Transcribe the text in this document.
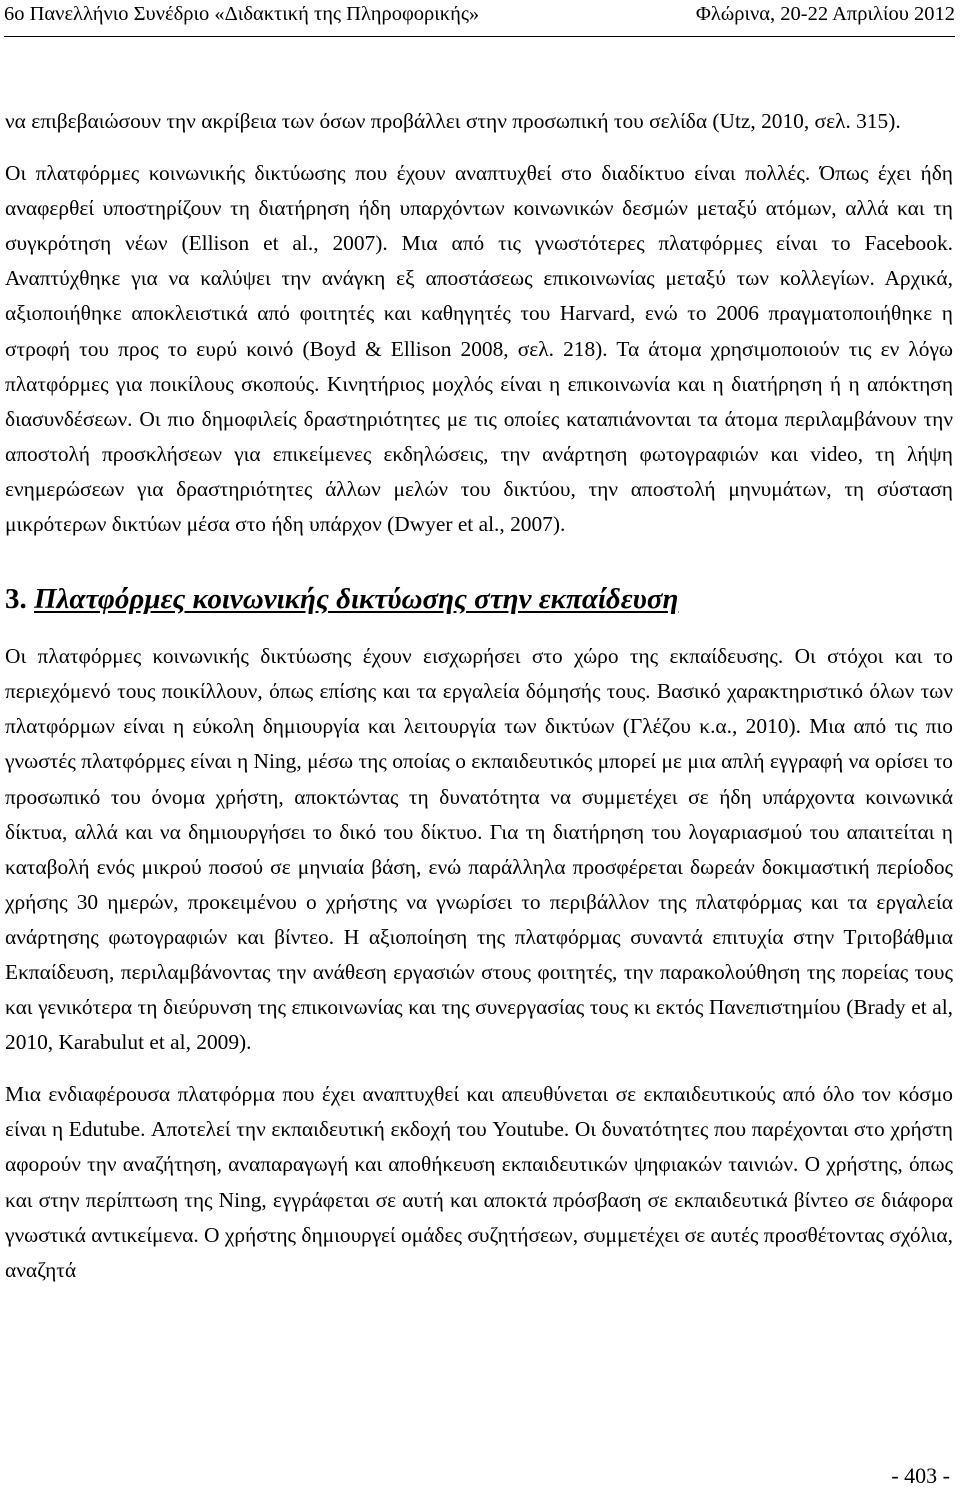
6ο Πανελλήνιο Συνέδριο «Διδακτική της Πληροφορικής»	Φλώρινα, 20-22 Απριλίου 2012

να επιβεβαιώσουν την ακρίβεια των όσων προβάλλει στην προσωπική του σελίδα (Utz, 2010, σελ. 315).

Οι πλατφόρμες κοινωνικής δικτύωσης που έχουν αναπτυχθεί στο διαδίκτυο είναι πολλές. Όπως έχει ήδη αναφερθεί υποστηρίζουν τη διατήρηση ήδη υπαρχόντων κοινωνικών δεσμών μεταξύ ατόμων, αλλά και τη συγκρότηση νέων (Ellison et al., 2007). Μια από τις γνωστότερες πλατφόρμες είναι το Facebook. Αναπτύχθηκε για να καλύψει την ανάγκη εξ αποστάσεως επικοινωνίας μεταξύ των κολλεγίων. Αρχικά, αξιοποιήθηκε αποκλειστικά από φοιτητές και καθηγητές του Harvard, ενώ το 2006 πραγματοποιήθηκε η στροφή του προς το ευρύ κοινό (Boyd & Ellison 2008, σελ. 218). Τα άτομα χρησιμοποιούν τις εν λόγω πλατφόρμες για ποικίλους σκοπούς. Κινητήριος μοχλός είναι η επικοινωνία και η διατήρηση ή η απόκτηση διασυνδέσεων. Οι πιο δημοφιλείς δραστηριότητες με τις οποίες καταπιάνονται τα άτομα περιλαμβάνουν την αποστολή προσκλήσεων για επικείμενες εκδηλώσεις, την ανάρτηση φωτογραφιών και video, τη λήψη ενημερώσεων για δραστηριότητες άλλων μελών του δικτύου, την αποστολή μηνυμάτων, τη σύσταση μικρότερων δικτύων μέσα στο ήδη υπάρχον (Dwyer et al., 2007).

3. Πλατφόρμες κοινωνικής δικτύωσης στην εκπαίδευση

Οι πλατφόρμες κοινωνικής δικτύωσης έχουν εισχωρήσει στο χώρο της εκπαίδευσης. Οι στόχοι και το περιεχόμενό τους ποικίλλουν, όπως επίσης και τα εργαλεία δόμησής τους. Βασικό χαρακτηριστικό όλων των πλατφόρμων είναι η εύκολη δημιουργία και λειτουργία των δικτύων (Γλέζου κ.α., 2010). Μια από τις πιο γνωστές πλατφόρμες είναι η Ning, μέσω της οποίας ο εκπαιδευτικός μπορεί με μια απλή εγγραφή να ορίσει το προσωπικό του όνομα χρήστη, αποκτώντας τη δυνατότητα να συμμετέχει σε ήδη υπάρχοντα κοινωνικά δίκτυα, αλλά και να δημιουργήσει το δικό του δίκτυο. Για τη διατήρηση του λογαριασμού του απαιτείται η καταβολή ενός μικρού ποσού σε μηνιαία βάση, ενώ παράλληλα προσφέρεται δωρεάν δοκιμαστική περίοδος χρήσης 30 ημερών, προκειμένου ο χρήστης να γνωρίσει το περιβάλλον της πλατφόρμας και τα εργαλεία ανάρτησης φωτογραφιών και βίντεο. Η αξιοποίηση της πλατφόρμας συναντά επιτυχία στην Τριτοβάθμια Εκπαίδευση, περιλαμβάνοντας την ανάθεση εργασιών στους φοιτητές, την παρακολούθηση της πορείας τους και γενικότερα τη διεύρυνση της επικοινωνίας και της συνεργασίας τους κι εκτός Πανεπιστημίου (Brady et al, 2010, Karabulut et al, 2009).

Μια ενδιαφέρουσα πλατφόρμα που έχει αναπτυχθεί και απευθύνεται σε εκπαιδευτικούς από όλο τον κόσμο είναι η Edutube. Αποτελεί την εκπαιδευτική εκδοχή του Youtube. Οι δυνατότητες που παρέχονται στο χρήστη αφορούν την αναζήτηση, αναπαραγωγή και αποθήκευση εκπαιδευτικών ψηφιακών ταινιών. Ο χρήστης, όπως και στην περίπτωση της Ning, εγγράφεται σε αυτή και αποκτά πρόσβαση σε εκπαιδευτικά βίντεο σε διάφορα γνωστικά αντικείμενα. Ο χρήστης δημιουργεί ομάδες συζητήσεων, συμμετέχει σε αυτές προσθέτοντας σχόλια, αναζητά

- 403 -
